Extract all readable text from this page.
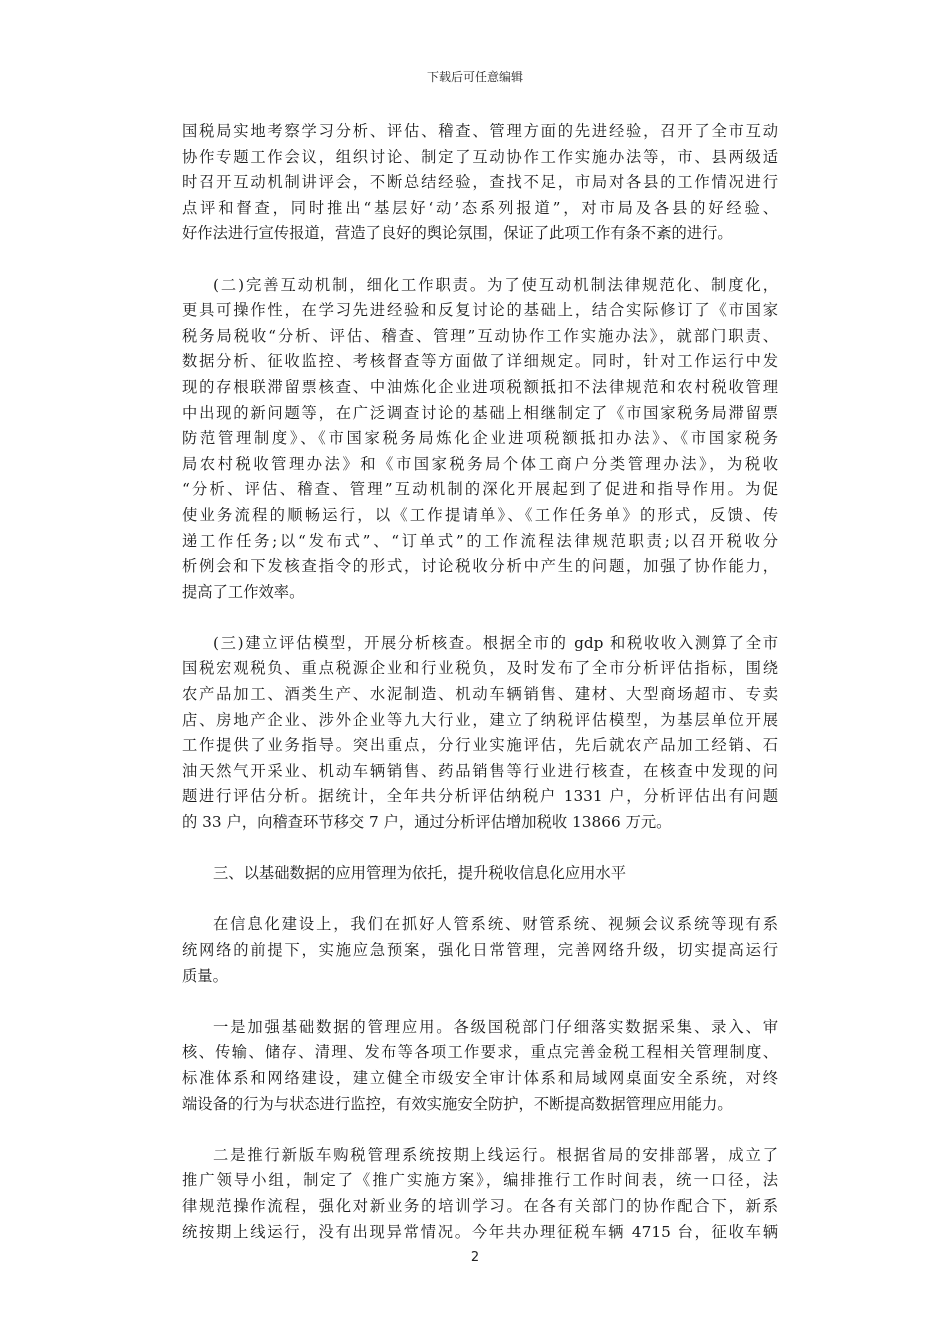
下载后可任意编辑
国税局实地考察学习分析、评估、稽查、管理方面的先进经验，召开了全市互动
协作专题工作会议，组织讨论、制定了互动协作工作实施办法等，市、县两级适
时召开互动机制讲评会，不断总结经验，查找不足，市局对各县的工作情况进行
点评和督查，同时推出“基层好‘动’态系列报道”，对市局及各县的好经验、
好作法进行宣传报道，营造了良好的舆论氛围，保证了此项工作有条不紊的进行。
(二)完善互动机制，细化工作职责。为了使互动机制法律规范化、制度化，
更具可操作性，在学习先进经验和反复讨论的基础上，结合实际修订了《市国家
税务局税收“分析、评估、稽查、管理”互动协作工作实施办法》，就部门职责、
数据分析、征收监控、考核督查等方面做了详细规定。同时，针对工作运行中发
现的存根联滞留票核查、中油炼化企业进项税额抵扣不法律规范和农村税收管理
中出现的新问题等，在广泛调查讨论的基础上相继制定了《市国家税务局滞留票
防范管理制度》、《市国家税务局炼化企业进项税额抵扣办法》、《市国家税务
局农村税收管理办法》和《市国家税务局个体工商户分类管理办法》，为税收
“分析、评估、稽查、管理”互动机制的深化开展起到了促进和指导作用。为促
使业务流程的顺畅运行，以《工作提请单》、《工作任务单》的形式，反馈、传
递工作任务;以“发布式”、“订单式”的工作流程法律规范职责;以召开税收分
析例会和下发核查指令的形式，讨论税收分析中产生的问题，加强了协作能力，
提高了工作效率。
(三)建立评估模型，开展分析核查。根据全市的 gdp 和税收收入测算了全市
国税宏观税负、重点税源企业和行业税负，及时发布了全市分析评估指标，围绕
农产品加工、酒类生产、水泥制造、机动车辆销售、建材、大型商场超市、专卖
店、房地产企业、涉外企业等九大行业，建立了纳税评估模型，为基层单位开展
工作提供了业务指导。突出重点，分行业实施评估，先后就农产品加工经销、石
油天然气开采业、机动车辆销售、药品销售等行业进行核查，在核查中发现的问
题进行评估分析。据统计，全年共分析评估纳税户 1331 户，分析评估出有问题
的 33 户，向稽查环节移交 7 户，通过分析评估增加税收 13866 万元。
三、以基础数据的应用管理为依托，提升税收信息化应用水平
在信息化建设上，我们在抓好人管系统、财管系统、视频会议系统等现有系
统网络的前提下，实施应急预案，强化日常管理，完善网络升级，切实提高运行
质量。
一是加强基础数据的管理应用。各级国税部门仔细落实数据采集、录入、审
核、传输、储存、清理、发布等各项工作要求，重点完善金税工程相关管理制度、
标准体系和网络建设，建立健全市级安全审计体系和局域网桌面安全系统，对终
端设备的行为与状态进行监控，有效实施安全防护，不断提高数据管理应用能力。
二是推行新版车购税管理系统按期上线运行。根据省局的安排部署，成立了
推广领导小组，制定了《推广实施方案》，编排推行工作时间表，统一口径，法
律规范操作流程，强化对新业务的培训学习。在各有关部门的协作配合下，新系
统按期上线运行，没有出现异常情况。今年共办理征税车辆 4715 台，征收车辆
2
